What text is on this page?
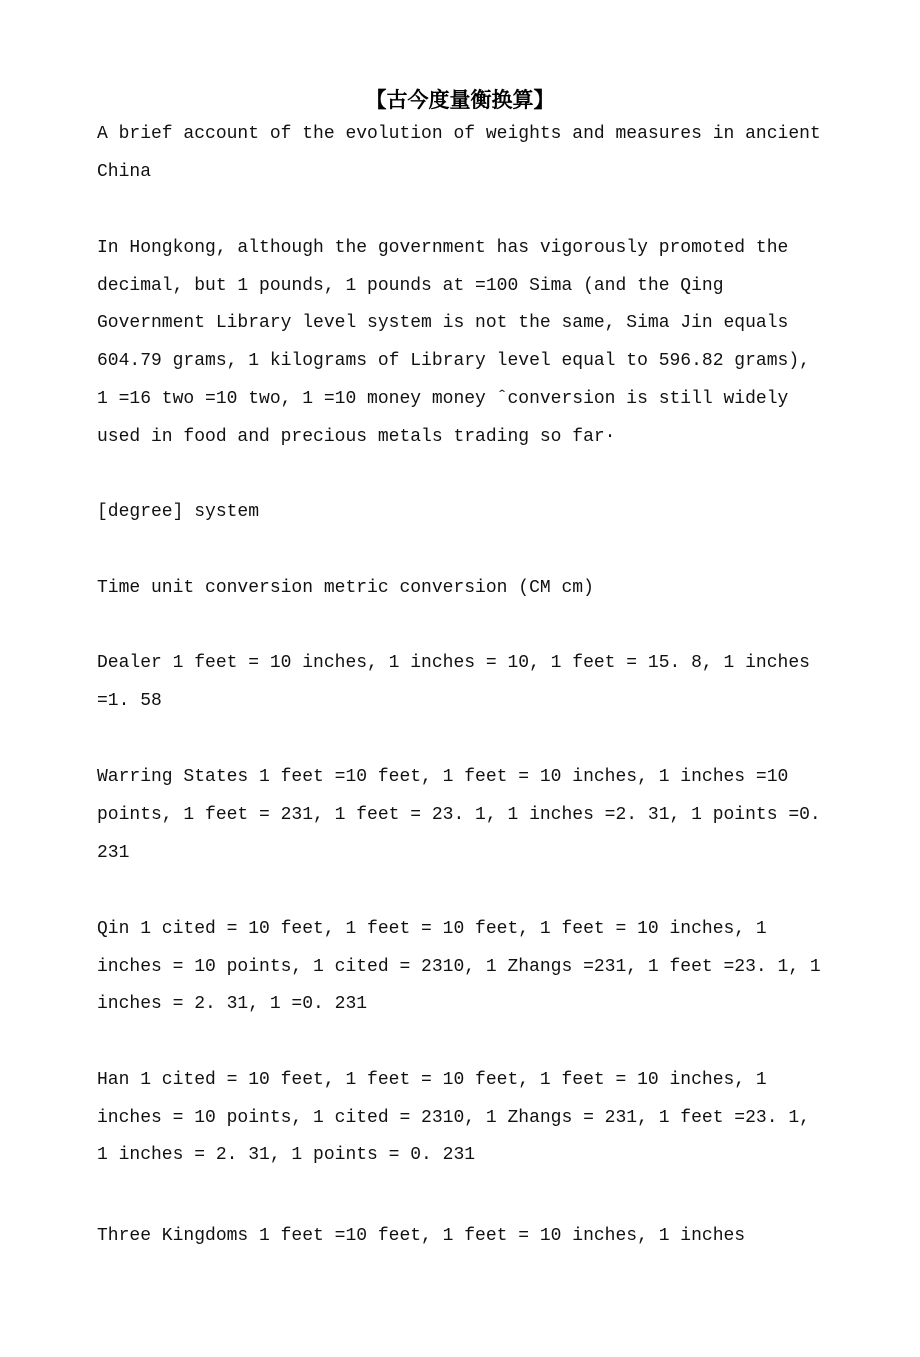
【古今度量衡换算】
A brief account of the evolution of weights and measures in ancient
China
In Hongkong, although the government has vigorously promoted the
decimal, but 1 pounds, 1 pounds at =100 Sima (and the Qing
Government Library level system is not the same, Sima Jin equals
604.79 grams, 1 kilograms of Library level equal to 596.82 grams),
1 =16 two =10 two, 1 =10 money money ˆconversion is still widely
used in food and precious metals trading so far·
[degree] system
Time unit conversion metric conversion (CM cm)
Dealer 1 feet = 10 inches, 1 inches = 10, 1 feet = 15. 8, 1 inches
=1. 58
Warring States 1 feet =10 feet, 1 feet = 10 inches, 1 inches =10
points, 1 feet = 231, 1 feet = 23. 1, 1 inches =2. 31, 1 points =0.
231
Qin 1 cited = 10 feet, 1 feet = 10 feet, 1 feet = 10 inches, 1
inches = 10 points, 1 cited = 2310, 1 Zhangs =231, 1 feet =23. 1, 1
inches = 2. 31, 1 =0. 231
Han 1 cited = 10 feet, 1 feet = 10 feet, 1 feet = 10 inches, 1
inches = 10 points, 1 cited = 2310, 1 Zhangs = 231, 1 feet =23. 1,
1 inches = 2. 31, 1 points = 0. 231
Three Kingdoms 1 feet =10 feet, 1 feet = 10 inches, 1 inches
